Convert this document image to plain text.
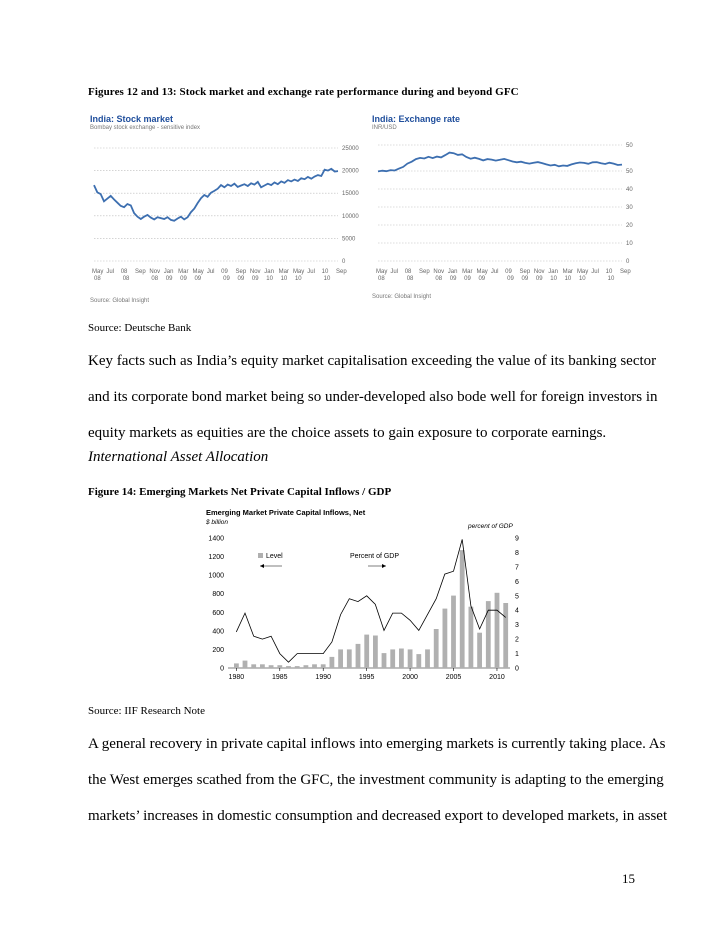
Figures 12 and 13: Stock market and exchange rate performance during and beyond GFC
India: Stock market
Bombay stock exchange - sensitive index
0
5000
10000
15000
20000
25000
May
08
Jul 08
08
Sep Nov
08
Jan
09
Mar
09
May
09
Jul 09
09
Sep
09
Nov
09
Jan
10
Mar
10
May
10
Jul 10
10
Sep
Source: Global Insight
India: Exchange rate
INR/USD
0
10
20
30
40
50
50
May
08
Jul 08
08
Sep Nov
08
Jan
09
Mar
09
May
09
Jul 09
09
Sep
09
Nov
09
Jan
10
Mar
10
May
10
Jul 10
10
Sep
Source: Global Insight
Source: Deutsche Bank
Key facts such as India’s equity market capitalisation exceeding the value of its banking sector
and its corporate bond market being so under-developed also bode well for foreign investors in
equity markets as equities are the choice assets to gain exposure to corporate earnings.
International Asset Allocation
Figure 14: Emerging Markets Net Private Capital Inflows / GDP
Emerging Market Private Capital Inflows, Net
$ billion
percent of GDP
0
200
400
600
800
1000
1200
1400
0
1
2
3
4
5
6
7
8
9
1980	1985	1990	1995	2000	2005	2010
Level	Percent of GDP
Source: IIF Research Note
A general recovery in private capital inflows into emerging markets is currently taking place. As
the West emerges scathed from the GFC, the investment community is adapting to the emerging
markets’ increases in domestic consumption and decreased export to developed markets, in asset
15
